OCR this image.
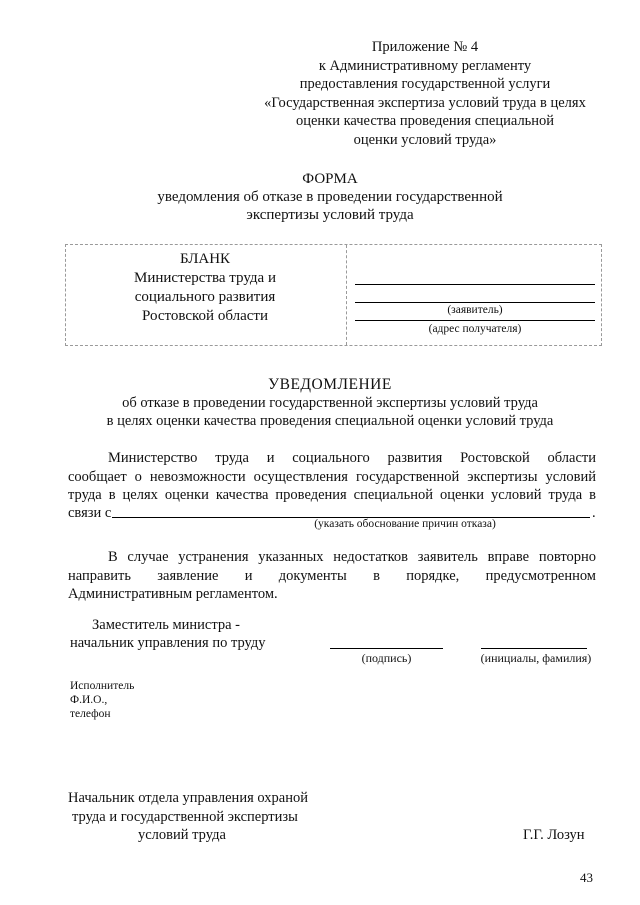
Приложение № 4
к Административному регламенту
предоставления государственной услуги
«Государственная экспертиза условий труда в целях
оценки качества проведения специальной
оценки условий труда»
ФОРМА
уведомления об отказе в проведении государственной
экспертизы условий труда
БЛАНК
Министерства труда и
социального развития
Ростовской области	(заявитель)
(адрес получателя)
УВЕДОМЛЕНИЕ
об отказе в проведении государственной экспертизы условий труда
в целях оценки качества проведения специальной оценки условий труда
Министерство труда и социального развития Ростовской области
сообщает о невозможности осуществления государственной экспертизы условий
труда в целях оценки качества проведения специальной оценки условий труда в
связи с	.
(указать обоснование причин отказа)
В случае устранения указанных недостатков заявитель вправе повторно
направить заявление и документы в порядке, предусмотренном
Административным регламентом.
Заместитель министра -
начальник управления по труду
(подпись)	(инициалы, фамилия)
Исполнитель
Ф.И.О.,
телефон
Начальник отдела управления охраной
труда и государственной экспертизы
условий труда	Г.Г. Лозун
43
